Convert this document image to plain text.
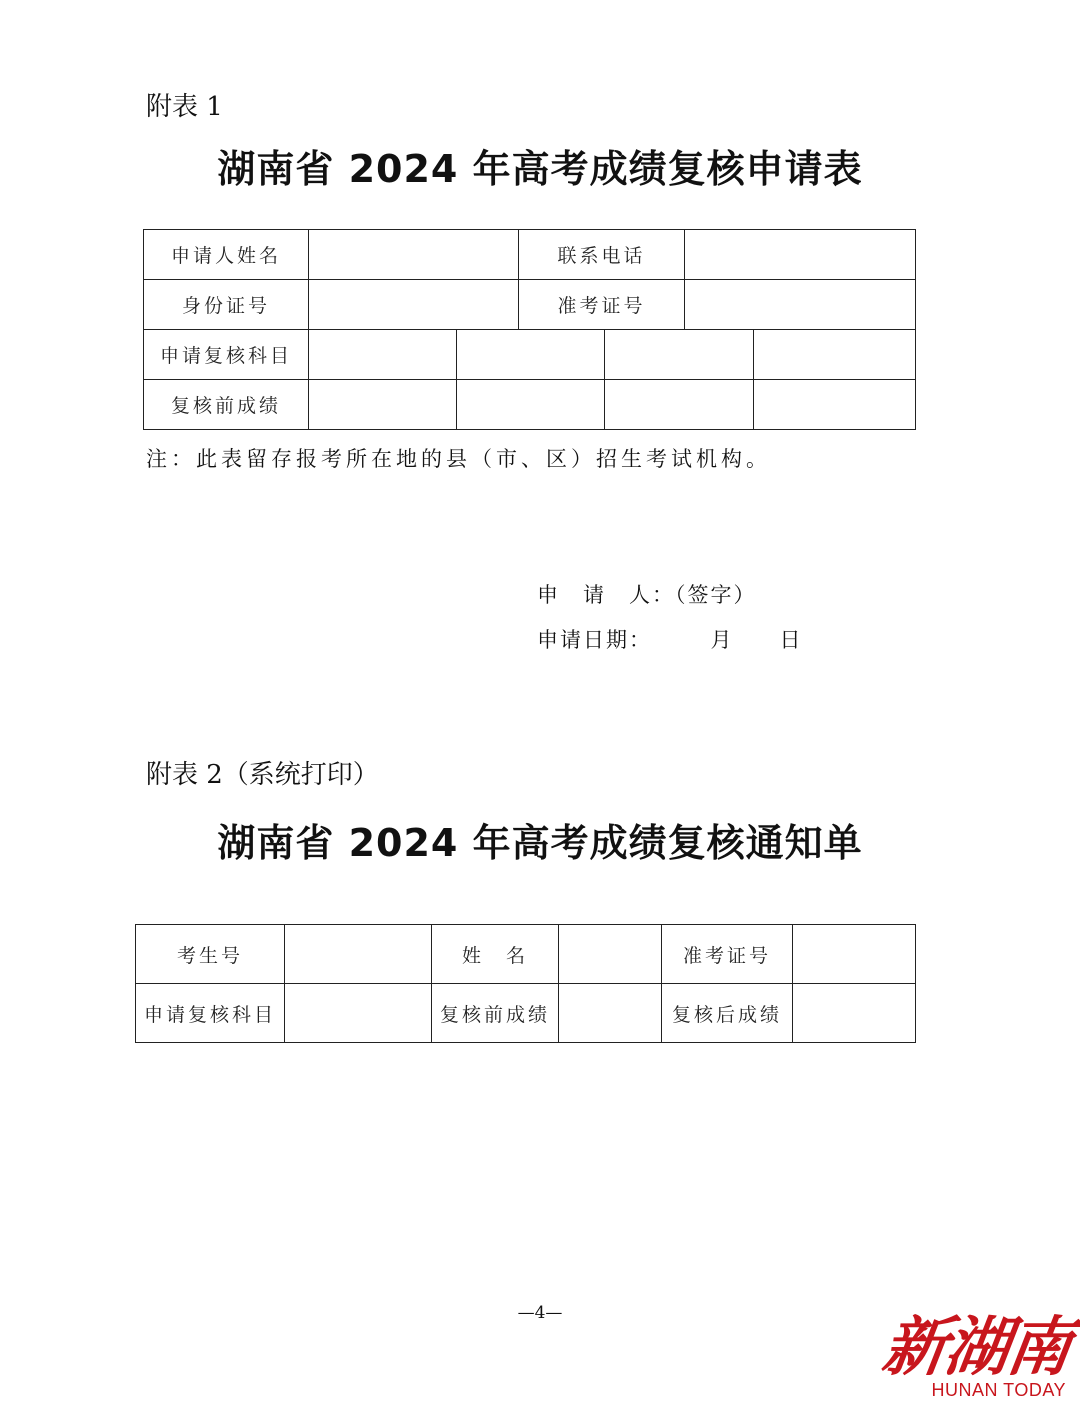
附表 1
湖南省 2024 年高考成绩复核申请表
申请人姓名			联系电话			
身份证号			准考证号			
申请复核科目						
复核前成绩						
注：此表留存报考所在地的县（市、区）招生考试机构。
申　请　人：（签字）
申请日期：　　　月　　日
附表 2（系统打印）
湖南省 2024 年高考成绩复核通知单
考生号		姓　名		准考证号	
申请复核科目		复核前成绩		复核后成绩	
—4—	新湖南
HUNAN TODAY
